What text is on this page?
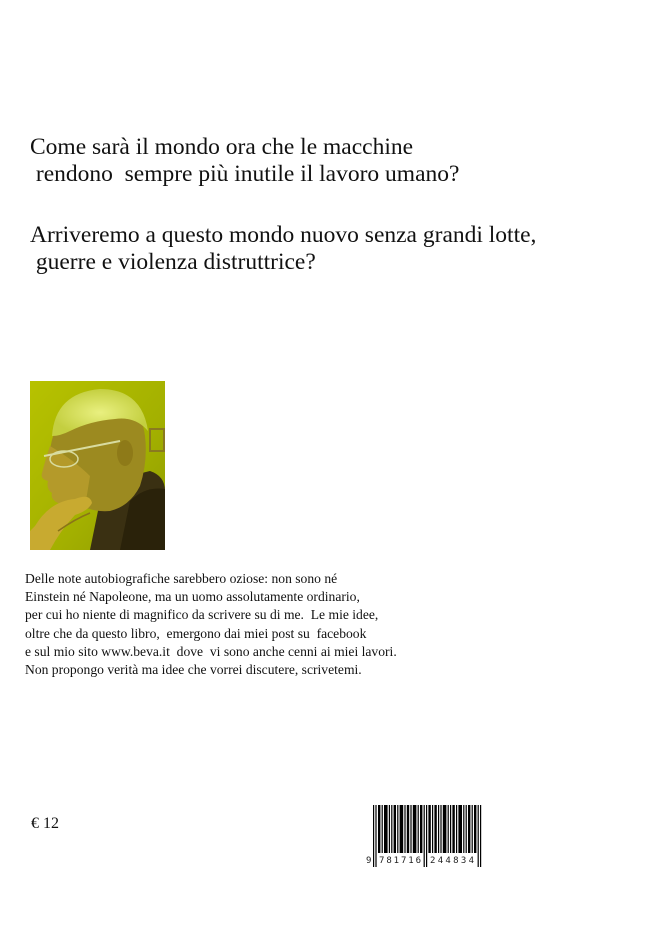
Come sarà il mondo ora che le macchine
rendono  sempre più inutile il lavoro umano?
Arriveremo a questo mondo nuovo senza grandi lotte,
guerre e violenza distruttrice?
Delle note autobiografiche sarebbero oziose: non sono né
Einstein né Napoleone, ma un uomo assolutamente ordinario,
per cui ho niente di magnifico da scrivere su di me.  Le mie idee,
oltre che da questo libro,  emergono dai miei post su  facebook
e sul mio sito www.beva.it  dove  vi sono anche cenni ai miei lavori.
Non propongo verità ma idee che vorrei discutere, scrivetemi.
€ 12
9 781716 244834
